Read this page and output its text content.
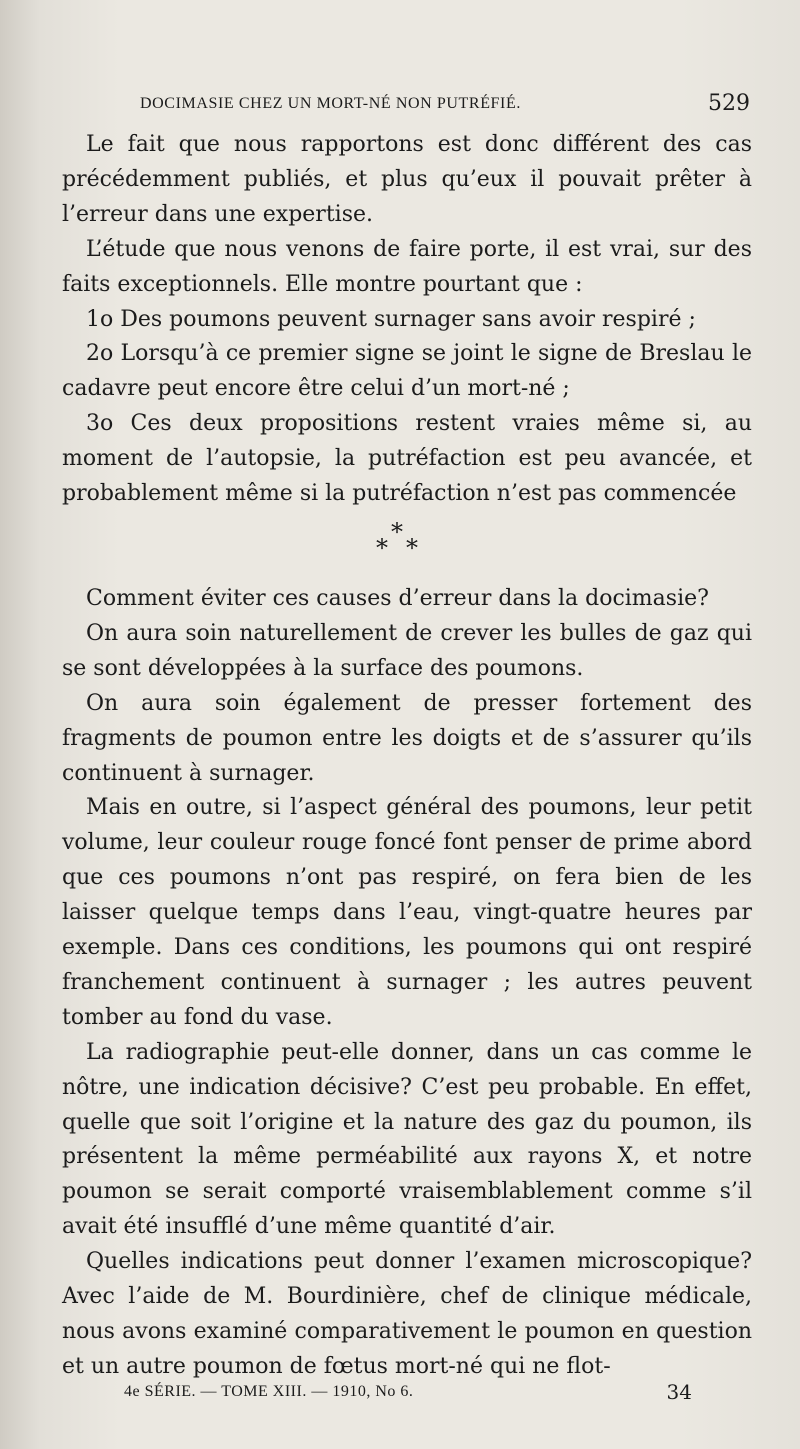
DOCIMASIE CHEZ UN MORT-NÉ NON PUTRÉFIÉ.	529

Le fait que nous rapportons est donc différent des cas précédemment publiés, et plus qu’eux il pouvait prêter à l’erreur dans une expertise.

L’étude que nous venons de faire porte, il est vrai, sur des faits exceptionnels. Elle montre pourtant que :

1o Des poumons peuvent surnager sans avoir respiré ;

2o Lorsqu’à ce premier signe se joint le signe de Breslau le cadavre peut encore être celui d’un mort-né ;

3o Ces deux propositions restent vraies même si, au moment de l’autopsie, la putréfaction est peu avancée, et probablement même si la putréfaction n’est pas commencée

*
* *

Comment éviter ces causes d’erreur dans la docimasie?

On aura soin naturellement de crever les bulles de gaz qui se sont développées à la surface des poumons.

On aura soin également de presser fortement des fragments de poumon entre les doigts et de s’assurer qu’ils continuent à surnager.

Mais en outre, si l’aspect général des poumons, leur petit volume, leur couleur rouge foncé font penser de prime abord que ces poumons n’ont pas respiré, on fera bien de les laisser quelque temps dans l’eau, vingt-quatre heures par exemple. Dans ces conditions, les poumons qui ont respiré franchement continuent à surnager ; les autres peuvent tomber au fond du vase.

La radiographie peut-elle donner, dans un cas comme le nôtre, une indication décisive? C’est peu probable. En effet, quelle que soit l’origine et la nature des gaz du poumon, ils présentent la même perméabilité aux rayons X, et notre poumon se serait comporté vraisemblablement comme s’il avait été insufflé d’une même quantité d’air.

Quelles indications peut donner l’examen microscopique? Avec l’aide de M. Bourdinière, chef de clinique médicale, nous avons examiné comparativement le poumon en question et un autre poumon de fœtus mort-né qui ne flot-

4e SÉRIE. — TOME XIII. — 1910, No 6.	34
